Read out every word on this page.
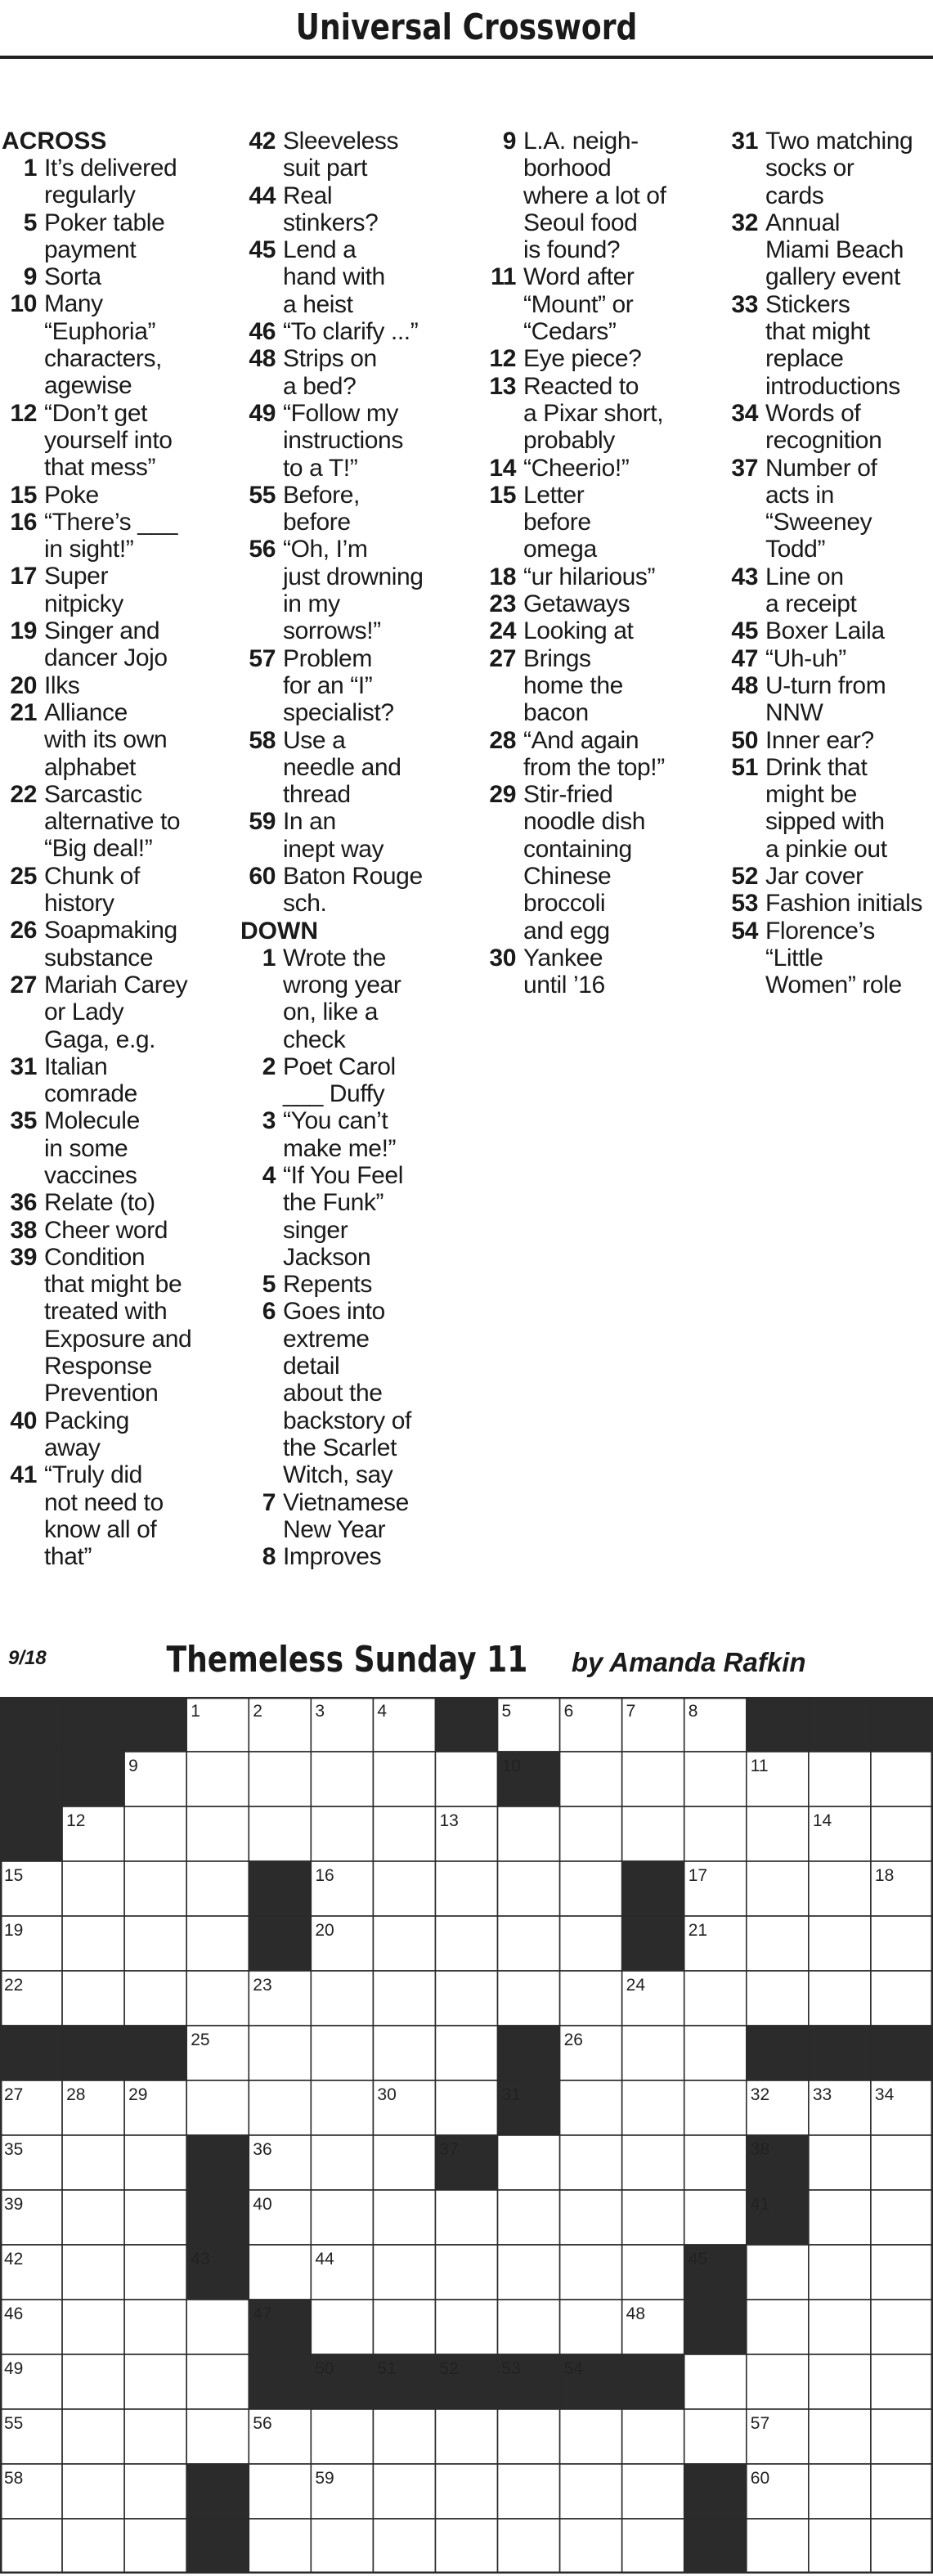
Universal Crossword
ACROSS
1 It’s delivered
regularly
5 Poker table
payment
9 Sorta
10 Many
“Euphoria”
characters,
agewise
12 “Don’t get
yourself into
that mess”
15 Poke
16 “There’s ___
in sight!”
17 Super
nitpicky
19 Singer and
dancer Jojo
20 Ilks
21 Alliance
with its own
alphabet
22 Sarcastic
alternative to
“Big deal!”
25 Chunk of
history
26 Soapmaking
substance
27 Mariah Carey
or Lady
Gaga, e.g.
31 Italian
comrade
35 Molecule
in some
vaccines
36 Relate (to)
38 Cheer word
39 Condition
that might be
treated with
Exposure and
Response
Prevention
40 Packing
away
41 “Truly did
not need to
know all of
that”
42 Sleeveless
suit part
44 Real
stinkers?
45 Lend a
hand with
a heist
46 “To clarify ...”
48 Strips on
a bed?
49 “Follow my
instructions
to a T!”
55 Before,
before
56 “Oh, I’m
just drowning
in my
sorrows!”
57 Problem
for an “I”
specialist?
58 Use a
needle and
thread
59 In an
inept way
60 Baton Rouge
sch.
DOWN
1 Wrote the
wrong year
on, like a
check
2 Poet Carol
___ Duffy
3 “You can’t
make me!”
4 “If You Feel
the Funk”
singer
Jackson
5 Repents
6 Goes into
extreme
detail
about the
backstory of
the Scarlet
Witch, say
7 Vietnamese
New Year
8 Improves
9 L.A. neigh-
borhood
where a lot of
Seoul food
is found?
11 Word after
“Mount” or
“Cedars”
12 Eye piece?
13 Reacted to
a Pixar short,
probably
14 “Cheerio!”
15 Letter
before
omega
18 “ur hilarious”
23 Getaways
24 Looking at
27 Brings
home the
bacon
28 “And again
from the top!”
29 Stir-fried
noodle dish
containing
Chinese
broccoli
and egg
30 Yankee
until ’16
31 Two matching
socks or
cards
32 Annual
Miami Beach
gallery event
33 Stickers
that might
replace
introductions
34 Words of
recognition
37 Number of
acts in
“Sweeney
Todd”
43 Line on
a receipt
45 Boxer Laila
47 “Uh-uh”
48 U-turn from
NNW
50 Inner ear?
51 Drink that
might be
sipped with
a pinkie out
52 Jar cover
53 Fashion initials
54 Florence’s
“Little
Women” role
9/18	Themeless Sunday 11 by Amanda Rafkin
1	2	3	4	5	6	7	8
9	10	11
12	13	14
15	16	17	18
19	20	21
22	23	24
25	26
27	28	29	30	31	32	33	34
35	36	37	38
39	40	41
42	43	44	45
46	47	48
49	50	51	52	53	54
55	56	57
58	59	60
